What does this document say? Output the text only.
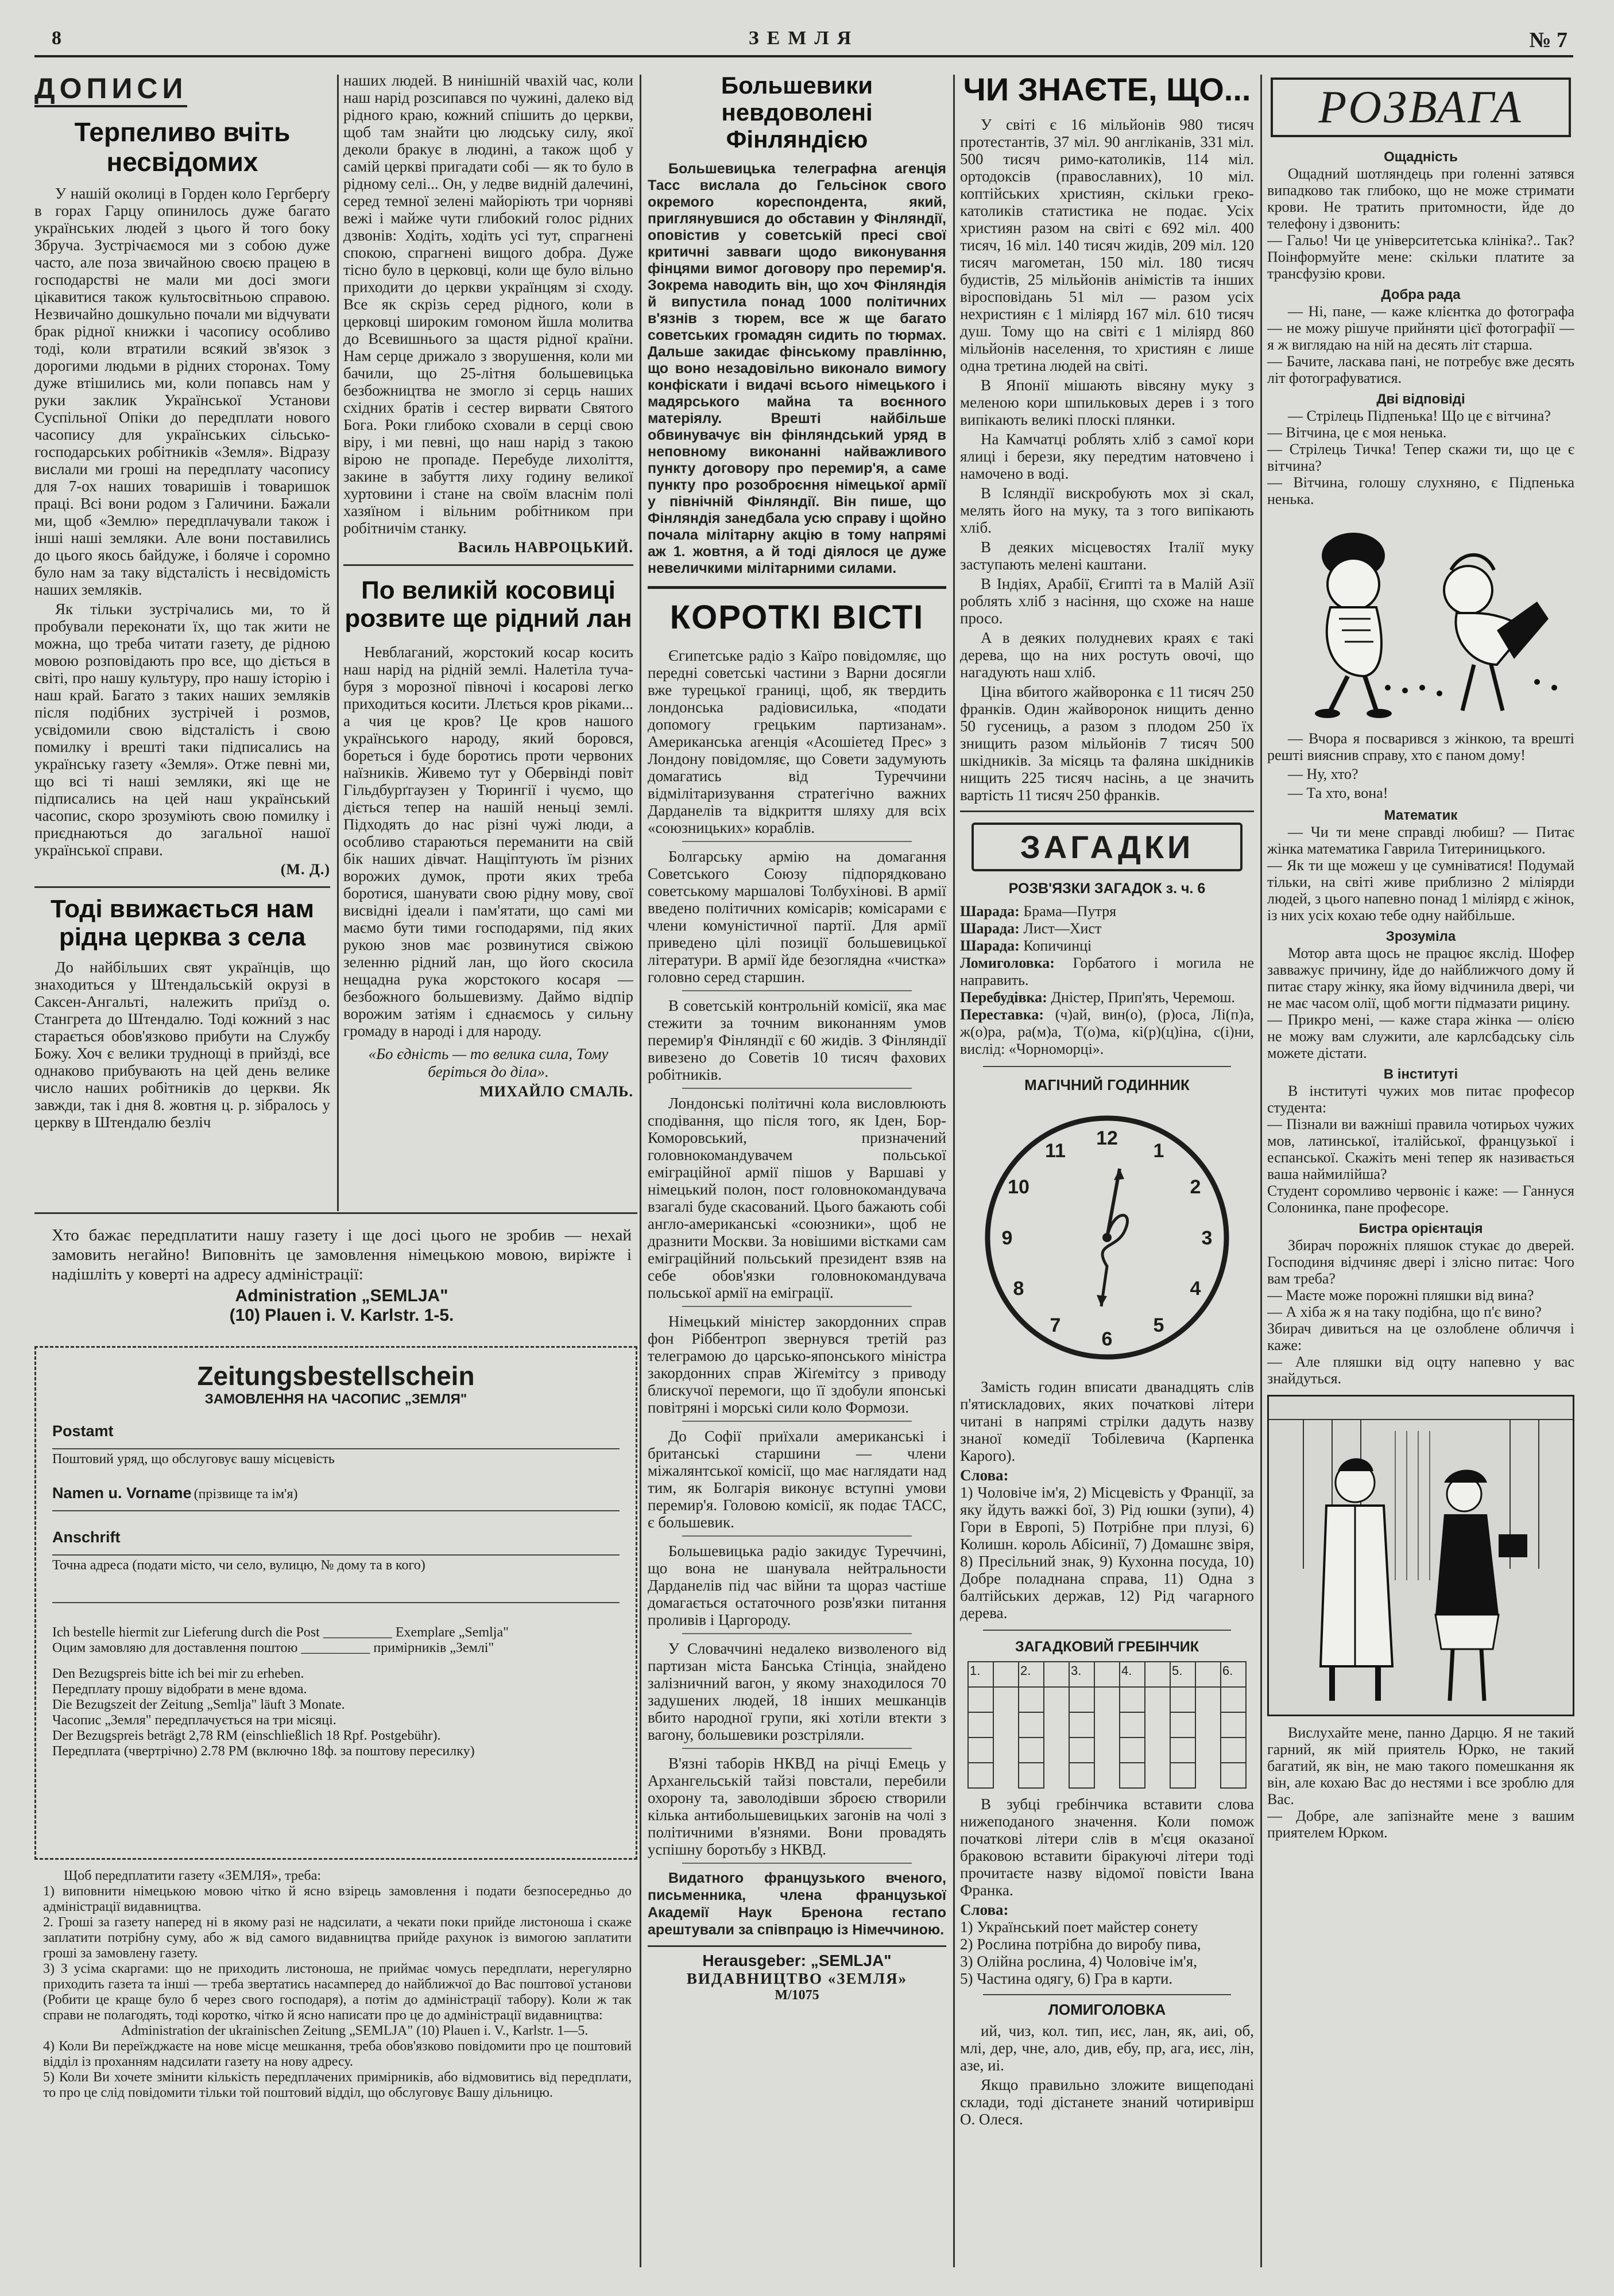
8	ЗЕМЛЯ	№ 7
ДОПИСИ
Терпеливо вчіть несвідомих

У нашій околиці в Горден коло Гергберґу в горах Гарцу опинилось дуже багато українських людей з цього й того боку Збруча. Зустрічаємося ми з собою дуже часто, але поза звичайною своєю працею в господарстві не мали ми досі змоги цікавитися також культосвітньою справою. Незвичайно дошкульно почали ми відчувати брак рідної книжки і часопису особливо тоді, коли втратили всякий зв'язок з дорогими людьми в рідних сторонах. Тому дуже втішились ми, коли попавсь нам у руки заклик Української Установи Суспільної Опіки до передплати нового часопису для українських сільсько-господарських робітників «Земля». Відразу вислали ми гроші на передплату часопису для 7-ох наших товаришів і товаришок праці. Всі вони родом з Галичини. Бажали ми, щоб «Землю» передплачували також і інші наші земляки. Але вони поставились до цього якось байдуже, і боляче і соромно було нам за таку відсталість і несвідомість наших земляків.

Як тільки зустрічались ми, то й пробували переконати їх, що так жити не можна, що треба читати газету, де рідною мовою розповідають про все, що діється в світі, про нашу культуру, про нашу історію і наш край. Багато з таких наших земляків після подібних зустрічей і розмов, усвідомили свою відсталість і свою помилку і врешті таки підписались на українську газету «Земля». Отже певні ми, що всі ті наші земляки, які ще не підписались на цей наш український часопис, скоро зрозуміють свою помилку і приєднаються до загальної нашої української справи.

(М. Д.)
Тоді ввижається нам рідна церква з села

До найбільших свят українців, що знаходиться у Штендальській окрузі в Саксен-Ангальті, належить приїзд о. Стангрета до Штендалю. Тоді кожний з нас старається обов'язково прибути на Службу Божу. Хоч є велики труднощі в прийзді, все однаково прибувають на цей день велике число наших робітників до церкви. Як завжди, так і дня 8. жовтня ц. р. зібралось у церкву в Штендалю безліч

наших людей. В нинішній чвахій час, коли наш нарід розсипався по чужині, далеко від рідного краю, кожний спішить до церкви, щоб там знайти цю людську силу, якої деколи бракує в людині, а також щоб у самій церкві пригадати собі — як то було в рідному селі... Он, у ледве видній далечині, серед темної зелені майоріють три чорняві вежі і майже чути глибокий голос рідних дзвонів: Ходіть, ходіть усі тут, спрагнені спокою, спрагнені вищого добра. Дуже тісно було в церковці, коли ще було вільно приходити до церкви українцям зі сходу. Все як скрізь серед рідного, коли в церковці широким гомоном йшла молитва до Всевишнього за щастя рідної країни. Нам серце дрижало з зворушення, коли ми бачили, що 25-літня большевицька безбожництва не змогло зі серць наших східних братів і сестер вирвати Святого Бога. Роки глибоко сховали в серці свою віру, і ми певні, що наш нарід з такою вірою не пропаде. Перебуде лихоліття, закине в забуття лиху годину великої хуртовини і стане на своїм власнім полі хазяїном і вільним робітником при робітничім станку.

Василь НАВРОЦЬКИЙ.
По великій косовиці розвите ще рідний лан

Невблаганий, жорстокий косар косить наш нарід на рідній землі. Налетіла туча-буря з морозної півночі і косарові легко приходиться косити. Ллється кров ріками... а чия це кров? Це кров нашого українського народу, який боровся, бореться і буде боротись проти червоних наїзників. Живемо тут у Обервінді повіт Гільдбурґгаузен у Тюрингії і чуємо, що діється тепер на нашій неньці землі. Підходять до нас різні чужі люди, а особливо стараються переманити на свій бік наших дівчат. Нащіптують їм різних ворожих думок, проти яких треба боротися, шанувати свою рідну мову, свої висвідні ідеали і пам'ятати, що самі ми маємо бути тими господарями, під яких рукою знов має розвинутися свіжою зеленню рідний лан, що його скосила нещадна рука жорстокого косаря — безбожного большевизму. Даймо відпір ворожим затіям і єднаємось у сильну громаду в народі і для народу.

«Бо єдність — то велика сила, Тому беріться до діла».
МИХАЙЛО СМАЛЬ.
Хто бажає передплатити нашу газету і ще досі цього не зробив — нехай замовить негайно! Виповніть це замовлення німецькою мовою, виріжте і надішліть у коверті на адресу адміністрації:
Administration „SEMLJA"
(10) Plauen i. V. Karlstr. 1-5.
Zeitungsbestellschein
ЗАМОВЛЕННЯ НА ЧАСОПИС „ЗЕМЛЯ"
Postamt
Поштовий уряд, що обслуговує вашу місцевість
Namen u. Vorname (прізвище та ім'я)
Anschrift
Точна адреса (подати місто, чи село, вулицю, № дому та в кого)
Ich bestelle hiermit zur Lieferung durch die Post __________ Exemplare „Semlja"
Оцим замовляю для доставлення поштою __________ примірників „Землі"
Den Bezugspreis bitte ich bei mir zu erheben.
Передплату прошу відобрати в мене вдома.
Die Bezugszeit der Zeitung „Semlja" läuft 3 Monate.
Часопис „Земля" передплачується на три місяці.
Der Bezugspreis beträgt 2,78 RM (einschließlich 18 Rpf. Postgebühr).
Передплата (чвертрічно) 2.78 РМ (включно 18ф. за поштову пересилку)
Щоб передплатити газету «ЗЕМЛЯ», треба:
1) виповнити німецькою мовою чітко й ясно взірець замовлення і подати безпосередньо до адміністрації видавництва.
2. Гроші за газету наперед ні в якому разі не надсилати, а чекати поки прийде листоноша і скаже заплатити потрібну суму, або ж від самого видавництва прийде рахунок із вимогою заплатити гроші за замовлену газету.
3) З усіма скаргами: що не приходить листоноша, не приймає чомусь передплати, нерегулярно приходить газета та інші — треба звертатись насамперед до найближчої до Вас поштової установи (Робити це краще було б через свого господаря), а потім до адміністрації табору). Коли ж так справи не полагодять, тоді коротко, чітко й ясно написати про це до адміністрації видавництва:
Administration der ukrainischen Zeitung „SEMLJA" (10) Plauen i. V., Karlstr. 1—5.
4) Коли Ви переїжджаєте на нове місце мешкання, треба обов'язково повідомити про це поштовий відділ із проханням надсилати газету на нову адресу.
5) Коли Ви хочете змінити кількість передплачених примірників, або відмовитись від передплати, то про це слід повідомити тільки той поштовий відділ, що обслуговує Вашу дільницю.
Большевики невдоволені Фінляндією

Большевицька телеграфна агенція Тасс вислала до Гельсінок свого окремого кореспондента, який, приглянувшися до обставин у Фінляндії, оповістив у советській пресі свої критичні завваги щодо виконування фінцями вимог договору про перемир'я. Зокрема наводить він, що хоч Фінляндія й випустила понад 1000 політичних в'язнів з тюрем, все ж ще багато советських громадян сидить по тюрмах. Дальше закидає фінському правлінню, що воно незадовільно виконало вимогу конфіскати і видачі всього німецького і мадярського майна та воєнного матеріялу. Врешті найбільше обвинувачує він фінляндський уряд в неповному виконанні найважливого пункту договору про перемир'я, а саме пункту про розоброєння німецької армії у північній Фінляндії. Він пише, що Фінляндія занедбала усю справу і щойно почала мілітарну акцію в тому напрямі аж 1. жовтня, а й тоді діялося це дуже невеличкими мілітарними силами.

КОРОТКІ ВІСТІ

Єгипетське радіо з Каїро повідомляє, що передні советські частини з Варни досягли вже турецької границі, щоб, як твердить лондонська радіовисилька, «подати допомогу грецьким партизанам». Американська агенція «Асошіетед Прес» з Лондону повідомляє, що Совети задумують домагатись від Туреччини відмілітаризування стратегічно важних Дарданелів та відкриття шляху для всіх «союзницьких» кораблів.

Болгарську армію на домагання Советського Союзу підпорядковано советському маршалові Толбухінові. В армії введено політичних комісарів; комісарами є члени комуністичної партії. Для армії приведено цілі позиції большевицької літератури. В армії йде безоглядна «чистка» головно серед старшин.

В советській контрольній комісії, яка має стежити за точним виконанням умов перемир'я Фінляндії є 60 жидів. З Фінляндії вивезено до Советів 10 тисяч фахових робітників.

Лондонські політичні кола висловлюють сподівання, що після того, як Іден, Бор-Коморовський, призначений головнокомандувачем польської еміграційної армії пішов у Варшаві у німецький полон, пост головнокомандувача взагалі буде скасований. Цього бажають собі англо-американські «союзники», щоб не дразнити Москви. За новішими вістками сам еміграційний польський президент взяв на себе обов'язки головнокомандувача польської армії на еміграції.

Німецький міністер закордонних справ фон Ріббентроп звернувся третій раз телеграмою до царсько-японського міністра закордонних справ Жіґемітсу з приводу блискучої перемоги, що її здобули японські повітряні і морські сили коло Формози.

До Софії приїхали американські і британські старшини — члени міжалянтської комісії, що має наглядати над тим, як Болгарія виконує вступні умови перемир'я. Головою комісії, як подає ТАСС, є большевик.

Большевицька радіо закидує Туреччині, що вона не шанувала нейтральности Дарданелів під час війни та щораз частіше домагається остаточного розв'язки питання проливів і Царгороду.

У Словаччині недалеко визволеного від партизан міста Банська Стінціа, знайдено залізничний вагон, у якому знаходилося 70 задушених людей, 18 інших мешканців вбито народної групи, які хотіли втекти з вагону, большевики розстріляли.

В'язні таборів НКВД на річці Емець у Архангельській тайзі повстали, перебили охорону та, заволодівши зброєю створили кілька антибольшевицьких загонів на чолі з політичними в'язнями. Вони провадять успішну боротьбу з НКВД.

Видатного французького вченого, письменника, члена французької Академії Наук Бренона гестапо арештували за співпрацю із Німеччиною.

Herausgeber: „SEMLJA"
ВИДАВНИЦТВО «ЗЕМЛЯ»
М/1075
ЧИ ЗНАЄТЕ, ЩО...

У світі є 16 мільйонів 980 тисяч протестантів, 37 міл. 90 англіканів, 331 міл. 500 тисяч римо-католиків, 114 міл. ортодоксів (православних), 10 міл. коптійських християн, скільки греко-католиків статистика не подає. Усіх християн разом на світі є 692 міл. 400 тисяч, 16 міл. 140 тисяч жидів, 209 міл. 120 тисяч магометан, 150 міл. 180 тисяч будистів, 25 мільйонів анімістів та інших віросповідань 51 міл — разом усіх нехристиян є 1 міліярд 167 міл. 610 тисяч душ. Тому що на світі є 1 міліярд 860 мільйонів населення, то християн є лише одна третина людей на світі.

В Японії мішають вівсяну муку з меленою кори шпильковых дерев і з того випікають великі плоскі плянки.

На Камчатці роблять хліб з самої кори ялиці і берези, яку передтим натовчено і намочено в воді.

В Ісляндії вискробують мох зі скал, мелять його на муку, та з того випікають хліб.

В деяких місцевостях Італії муку заступають мелені каштани.

В Індіях, Арабії, Єгипті та в Малій Азії роблять хліб з насіння, що схоже на наше просо.

А в деяких полудневих краях є такі дерева, що на них ростуть овочі, що нагадують наш хліб.

Ціна вбитого жайворонка є 11 тисяч 250 франків. Один жайворонок нищить денно 50 гусениць, а разом з плодом 250 їх знищить разом мільйонів 7 тисяч 500 шкідників. За місяць та фаляна шкідників нищить 225 тисяч насінь, а це значить вартість 11 тисяч 250 франків.

ЗАГАДКИ
РОЗВ'ЯЗКИ ЗАГАДОК з. ч. 6
Шарада: Брама—Путря
Шарада: Лист—Хист
Шарада: Копичинці
Ломиголовка: Горбатого і могила не направить.
Перебудівка: Дністер, Прип'ять, Черемош.
Переставка: (ч)ай, вин(о), (р)оса, Лі(п)а, ж(о)ра, ра(м)а, Т(о)ма, кі(р)(ц)іна, с(і)ни, вислід: «Чорноморці».
МАГІЧНИЙ ГОДИННИК
12
1
2
3
4
5
6
7
8
9
10
11

Замість годин вписати дванадцять слів п'ятискладових, яких початкові літери читані в напрямі стрілки дадуть назву знаної комедії Тобілевича (Карпенка Карого).

Слова:

1) Чоловіче ім'я, 2) Місцевість у Франції, за яку йдуть важкі бої, 3) Рід юшки (зупи), 4) Гори в Европі, 5) Потрібне при плузі, 6) Колишн. король Абісинії, 7) Домашнє звіря, 8) Пресільний знак, 9) Кухонна посуда, 10) Добре поладнана справа, 11) Одна з балтійських держав, 12) Рід чагарного дерева.

ЗАГАДКОВИЙ ГРЕБІНЧИК
1.		2.		3.		4.		5.		6.

В зубці гребінчика вставити слова нижеподаного значення. Коли помож початкові літери слів в м'єця оказаної браковою вставити біракуючі літери тоді прочитаєте назву відомої повісти Івана Франка.

Слова:
1) Український поет майстер сонету
2) Рослина потрібна до виробу пива,
3) Олійна рослина, 4) Чоловіче ім'я,
5) Частина одягу, 6) Гра в карти.
ЛОМИГОЛОВКА

ий, чиз, кол. тип, иєс, лан, як, аиі, об, млі, дер, чне, ало, див, ебу, пр, ага, иєс, лін, азе, иі.

Якщо правильно зложите вищеподані склади, тоді дістанете знаний чотиривірш О. Олеся.

РОЗВАГА
Ощадність

Ощадний шотляндець при голенні затявся випадково так глибоко, що не може стримати крови. Не тратить притомности, йде до телефону і дзвонить:
— Гальо! Чи це університетська клініка?.. Так? Поінформуйте мене: скільки платите за трансфузію крови.

Добра рада

— Ні, пане, — каже клієнтка до фотографа — не можу рішуче прийняти цієї фотографії — я ж виглядаю на ній на десять літ старша.
— Бачите, ласкава пані, не потребує вже десять літ фотографуватися.

Дві відповіді

— Стрілець Підпенька! Що це є вітчина?
— Вітчина, це є моя ненька.
— Стрілець Тичка! Тепер скажи ти, що це є вітчина?
— Вітчина, голошу слухняно, є Підпенька ненька.

— Вчора я посварився з жінкою, та врешті рештi вияснив справу, хто є паном дому!

— Ну, хто?

— Та хто, вона!

Математик

— Чи ти мене справді любиш? — Питає жінка математика Гаврила Титериницького.
— Як ти ще можеш у це сумніватися! Подумай тільки, на світі живе приблизно 2 міліярди людей, з цього напевно понад 1 міліярд є жінок, із них усіх кохаю тебе одну найбільше.

Зрозуміла

Мотор авта щось не працює якслід. Шофер завважує причину, йде до найближчого дому й питає стару жінку, яка йому відчинила двері, чи не має часом олії, щоб могти підмазати рицину.
— Прикро мені, — каже стара жінка — олією не можу вам служити, але карлсбадську сіль можете дістати.

В інституті

В інституті чужих мов питає професор студента:
— Пізнали ви важніші правила чотирьох чужих мов, латинської, італійської, французької і еспанської. Скажіть мені тепер як називається ваша наймилійша?
Студент соромливо червоніє і каже: — Ганнуся Солонинка, пане професоре.

Бистра орієнтація

Збирач порожніх пляшок стукає до дверей. Господиня відчиняє двері і злісно питає: Чого вам треба?
— Маєте може порожні пляшки від вина?
— А хіба ж я на таку подібна, що п'є вино?
Збирач дивиться на це озлоблене обличчя і каже:
— Але пляшки від оцту напевно у вас знайдуться.

Вислухайте мене, панно Дарцю. Я не такий гарний, як мій приятель Юрко, не такий багатий, як він, не маю такого помешкання як він, але кохаю Вас до нестями і все зроблю для Вас.
— Добре, але запізнайте мене з вашим приятелем Юрком.
